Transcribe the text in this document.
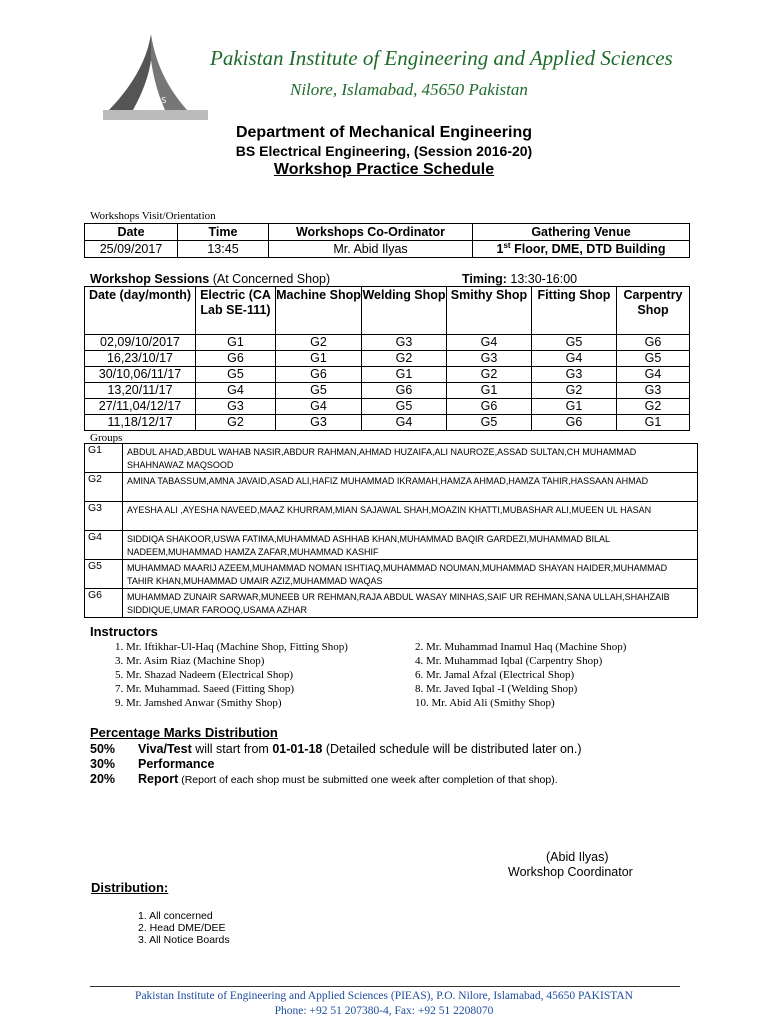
PIEAS
Pakistan Institute of Engineering and Applied Sciences
Nilore, Islamabad, 45650 Pakistan
Department of Mechanical Engineering
BS Electrical Engineering, (Session 2016-20)
Workshop Practice Schedule
Workshops Visit/Orientation
Date	Time	Workshops Co-Ordinator	Gathering Venue
25/09/2017	13:45	Mr. Abid Ilyas	1st Floor, DME, DTD Building
Workshop Sessions (At Concerned Shop)	Timing: 13:30-16:00
Date (day/month)	Electric (CA Lab SE-111)	Machine Shop	Welding Shop	Smithy Shop	Fitting Shop	Carpentry Shop
02,09/10/2017	G1	G2	G3	G4	G5	G6
16,23/10/17	G6	G1	G2	G3	G4	G5
30/10,06/11/17	G5	G6	G1	G2	G3	G4
13,20/11/17	G4	G5	G6	G1	G2	G3
27/11,04/12/17	G3	G4	G5	G6	G1	G2
11,18/12/17	G2	G3	G4	G5	G6	G1
Groups
G1	ABDUL AHAD,ABDUL WAHAB NASIR,ABDUR RAHMAN,AHMAD HUZAIFA,ALI NAUROZE,ASSAD SULTAN,CH MUHAMMAD SHAHNAWAZ MAQSOOD
G2	AMINA TABASSUM,AMNA JAVAID,ASAD ALI,HAFIZ MUHAMMAD IKRAMAH,HAMZA AHMAD,HAMZA TAHIR,HASSAAN AHMAD
G3	AYESHA ALI ,AYESHA NAVEED,MAAZ KHURRAM,MIAN SAJAWAL SHAH,MOAZIN KHATTI,MUBASHAR ALI,MUEEN UL HASAN
G4	SIDDIQA SHAKOOR,USWA FATIMA,MUHAMMAD ASHHAB KHAN,MUHAMMAD BAQIR GARDEZI,MUHAMMAD BILAL NADEEM,MUHAMMAD HAMZA ZAFAR,MUHAMMAD KASHIF
G5	MUHAMMAD MAARIJ AZEEM,MUHAMMAD NOMAN ISHTIAQ,MUHAMMAD NOUMAN,MUHAMMAD SHAYAN HAIDER,MUHAMMAD TAHIR KHAN,MUHAMMAD UMAIR AZIZ,MUHAMMAD WAQAS
G6	MUHAMMAD ZUNAIR SARWAR,MUNEEB UR REHMAN,RAJA ABDUL WASAY MINHAS,SAIF UR REHMAN,SANA ULLAH,SHAHZAIB SIDDIQUE,UMAR FAROOQ,USAMA AZHAR
Instructors
1. Mr. Iftikhar-Ul-Haq (Machine Shop, Fitting Shop)	2. Mr. Muhammad Inamul Haq (Machine Shop)
3. Mr. Asim Riaz (Machine Shop)	4. Mr. Muhammad Iqbal (Carpentry Shop)
5. Mr. Shazad Nadeem (Electrical Shop)	6. Mr. Jamal Afzal (Electrical Shop)
7. Mr. Muhammad. Saeed (Fitting Shop)	8. Mr. Javed Iqbal -I (Welding Shop)
9. Mr. Jamshed Anwar (Smithy Shop)	10. Mr. Abid Ali (Smithy Shop)
Percentage Marks Distribution
50% Viva/Test will start from 01-01-18 (Detailed schedule will be distributed later on.)
30% Performance
20% Report (Report of each shop must be submitted one week after completion of that shop).
(Abid Ilyas)
Workshop Coordinator
Distribution:
1. All concerned
2. Head DME/DEE
3. All Notice Boards
Pakistan Institute of Engineering and Applied Sciences (PIEAS), P.O. Nilore, Islamabad, 45650 PAKISTAN
Phone: +92 51 207380-4, Fax: +92 51 2208070
